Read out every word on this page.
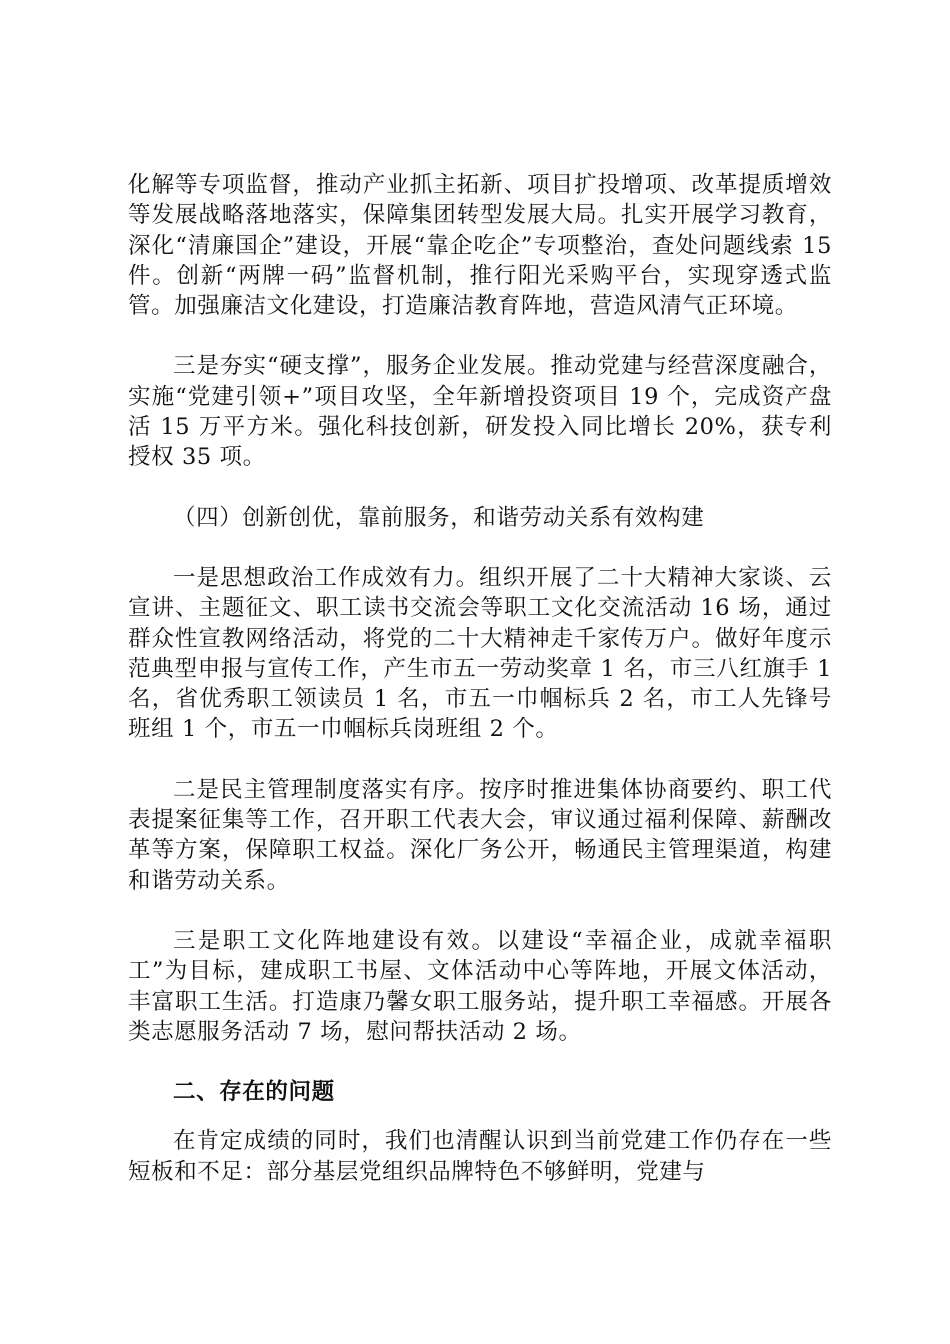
化解等专项监督，推动产业抓主拓新、项目扩投增项、改革提质增效等发展战略落地落实，保障集团转型发展大局。扎实开展学习教育，深化“清廉国企”建设，开展“靠企吃企”专项整治，查处问题线索 15 件。创新“两牌一码”监督机制，推行阳光采购平台，实现穿透式监管。加强廉洁文化建设，打造廉洁教育阵地，营造风清气正环境。

三是夯实“硬支撑”，服务企业发展。推动党建与经营深度融合，实施“党建引领+”项目攻坚，全年新增投资项目 19 个，完成资产盘活 15 万平方米。强化科技创新，研发投入同比增长 20%，获专利授权 35 项。

（四）创新创优，靠前服务，和谐劳动关系有效构建

一是思想政治工作成效有力。组织开展了二十大精神大家谈、云宣讲、主题征文、职工读书交流会等职工文化交流活动 16 场，通过群众性宣教网络活动，将党的二十大精神走千家传万户。做好年度示范典型申报与宣传工作，产生市五一劳动奖章 1 名，市三八红旗手 1 名，省优秀职工领读员 1 名，市五一巾帼标兵 2 名，市工人先锋号班组 1 个，市五一巾帼标兵岗班组 2 个。

二是民主管理制度落实有序。按序时推进集体协商要约、职工代表提案征集等工作，召开职工代表大会，审议通过福利保障、薪酬改革等方案，保障职工权益。深化厂务公开，畅通民主管理渠道，构建和谐劳动关系。

三是职工文化阵地建设有效。以建设“幸福企业，成就幸福职工”为目标，建成职工书屋、文体活动中心等阵地，开展文体活动，丰富职工生活。打造康乃馨女职工服务站，提升职工幸福感。开展各类志愿服务活动 7 场，慰问帮扶活动 2 场。

二、存在的问题

在肯定成绩的同时，我们也清醒认识到当前党建工作仍存在一些短板和不足：部分基层党组织品牌特色不够鲜明，党建与
